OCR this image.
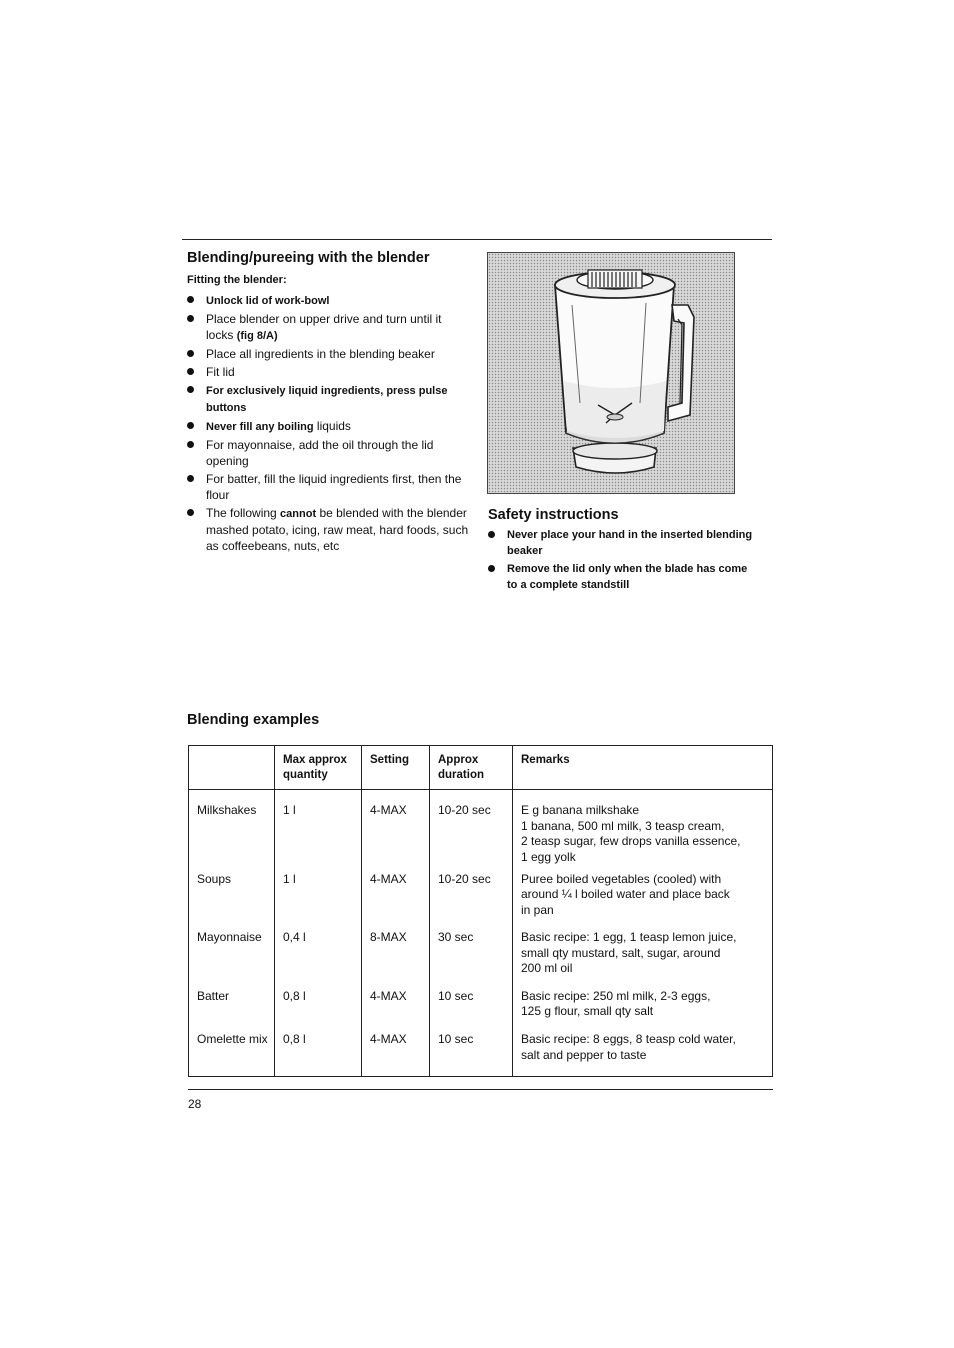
Blending/pureeing with the blender
Fitting the blender:
Unlock lid of work-bowl
Place blender on upper drive and turn until it locks (fig 8/A)
Place all ingredients in the blending beaker
Fit lid
For exclusively liquid ingredients, press pulse buttons
Never fill any boiling liquids
For mayonnaise, add the oil through the lid opening
For batter, fill the liquid ingredients first, then the flour
The following cannot be blended with the blender mashed potato, icing, raw meat, hard foods, such as coffeebeans, nuts, etc
Safety instructions
Never place your hand in the inserted blending beaker
Remove the lid only when the blade has come to a complete standstill
Blending examples
	Max approx quantity	Setting	Approx duration	Remarks
Milkshakes	1 l	4-MAX	10-20 sec	E g banana milkshake
1 banana, 500 ml milk, 3 teasp cream,
2 teasp sugar, few drops vanilla essence,
1 egg yolk

Soups	1 l	4-MAX	10-20 sec	Puree boiled vegetables (cooled) with
around ¼ l boiled water and place back
in pan

Mayonnaise	0,4 l	8-MAX	30 sec	Basic recipe: 1 egg, 1 teasp lemon juice,
small qty mustard, salt, sugar, around
200 ml oil

Batter	0,8 l	4-MAX	10 sec	Basic recipe: 250 ml milk, 2-3 eggs,
125 g flour, small qty salt

Omelette mix	0,8 l	4-MAX	10 sec	Basic recipe: 8 eggs, 8 teasp cold water,
salt and pepper to taste
28
